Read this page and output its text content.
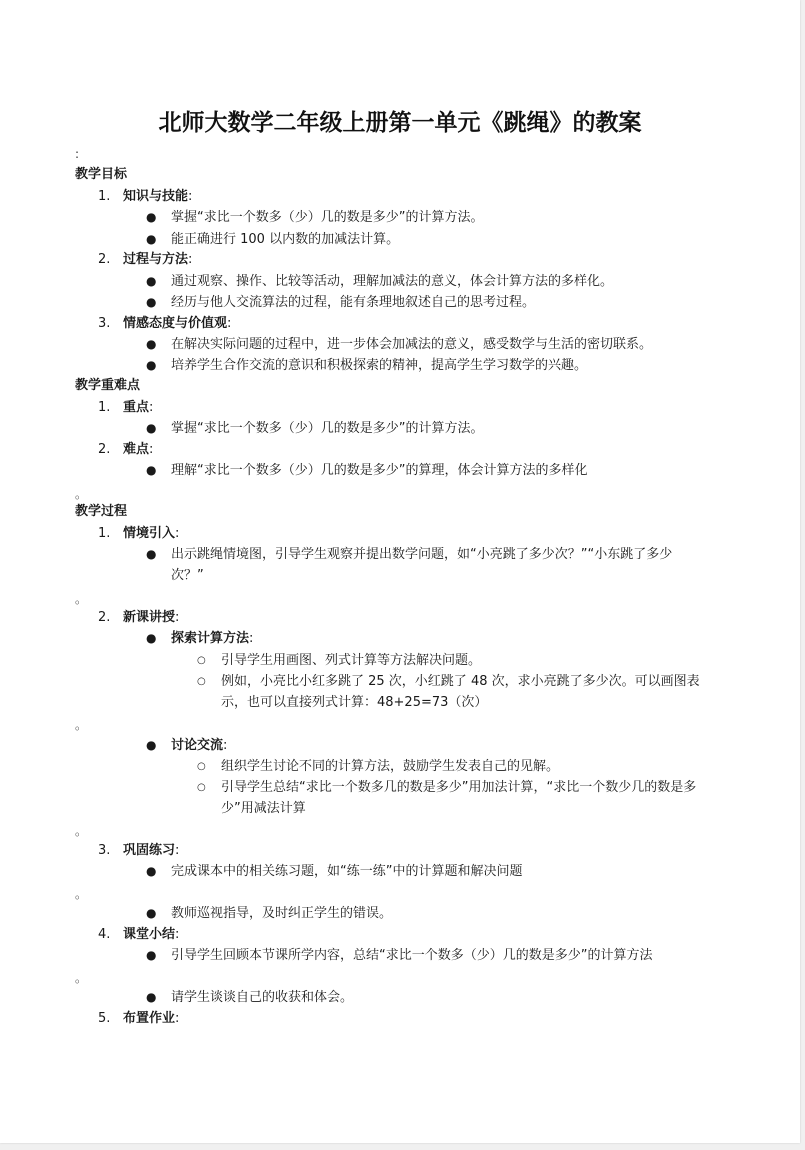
北师大数学二年级上册第一单元《跳绳》的教案
:
教学目标
1. 知识与技能:
● 掌握“求比一个数多（少）几的数是多少”的计算方法。
● 能正确进行 100 以内数的加减法计算。
2. 过程与方法:
● 通过观察、操作、比较等活动，理解加减法的意义，体会计算方法的多样化。
● 经历与他人交流算法的过程，能有条理地叙述自己的思考过程。
3. 情感态度与价值观:
● 在解决实际问题的过程中，进一步体会加减法的意义，感受数学与生活的密切联系。
● 培养学生合作交流的意识和积极探索的精神，提高学生学习数学的兴趣。
教学重难点
1. 重点:
● 掌握“求比一个数多（少）几的数是多少”的计算方法。
2. 难点:
● 理解“求比一个数多（少）几的数是多少”的算理，体会计算方法的多样化
。
教学过程
1. 情境引入:
● 出示跳绳情境图，引导学生观察并提出数学问题，如“小亮跳了多少次？”“小东跳了多少
次？”
。
2. 新课讲授:
● 探索计算方法:
○ 引导学生用画图、列式计算等方法解决问题。
○ 例如，小亮比小红多跳了 25 次，小红跳了 48 次，求小亮跳了多少次。可以画图表
示，也可以直接列式计算：48+25=73（次）
。
● 讨论交流:
○ 组织学生讨论不同的计算方法，鼓励学生发表自己的见解。
○ 引导学生总结“求比一个数多几的数是多少”用加法计算，“求比一个数少几的数是多
少”用减法计算
。
3. 巩固练习:
● 完成课本中的相关练习题，如“练一练”中的计算题和解决问题
。
● 教师巡视指导，及时纠正学生的错误。
4. 课堂小结:
● 引导学生回顾本节课所学内容，总结“求比一个数多（少）几的数是多少”的计算方法
。
● 请学生谈谈自己的收获和体会。
5. 布置作业:
